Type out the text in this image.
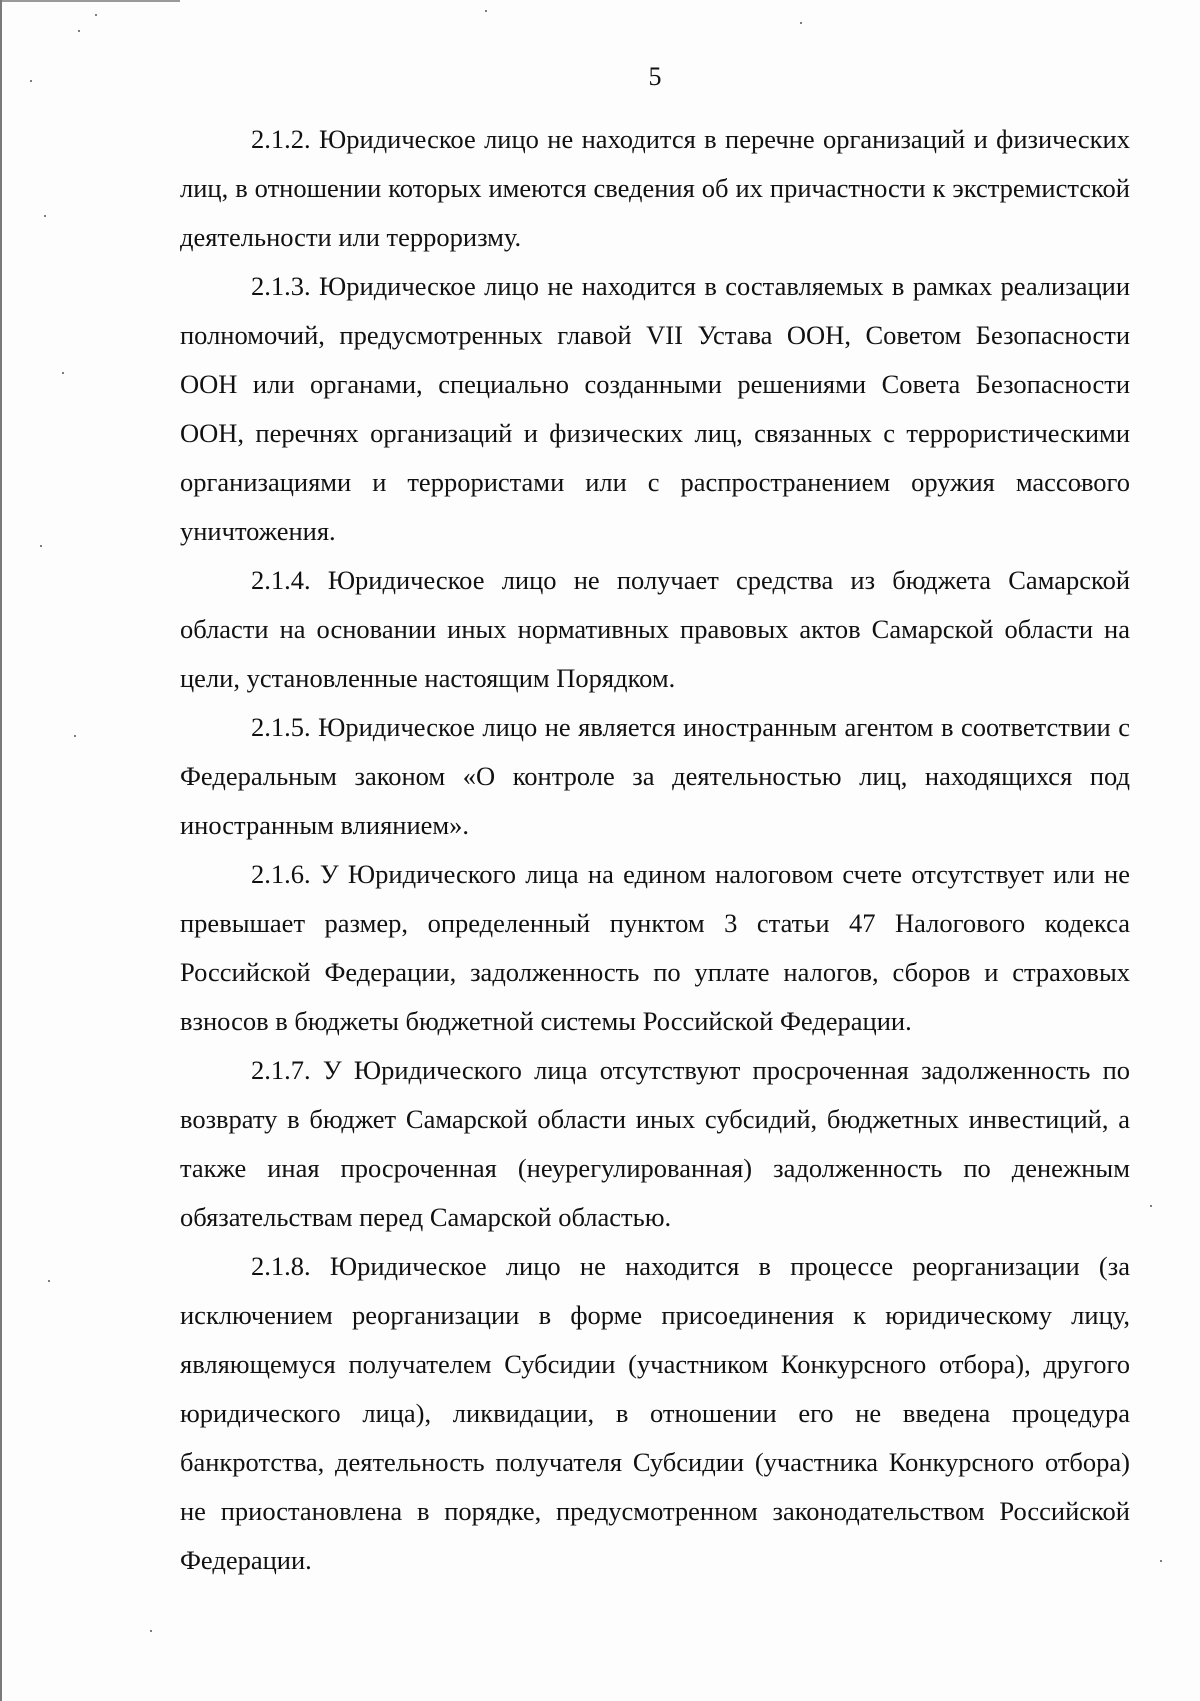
5

2.1.2. Юридическое лицо не находится в перечне организаций и физических лиц, в отношении которых имеются сведения об их причастности к экстремистской деятельности или терроризму.

2.1.3. Юридическое лицо не находится в составляемых в рамках реализации полномочий, предусмотренных главой VII Устава ООН, Советом Безопасности ООН или органами, специально созданными решениями Совета Безопасности ООН, перечнях организаций и физических лиц, связанных с террористическими организациями и террористами или с распространением оружия массового уничтожения.

2.1.4. Юридическое лицо не получает средства из бюджета Самарской области на основании иных нормативных правовых актов Самарской области на цели, установленные настоящим Порядком.

2.1.5. Юридическое лицо не является иностранным агентом в соответствии с Федеральным законом «О контроле за деятельностью лиц, находящихся под иностранным влиянием».

2.1.6. У Юридического лица на едином налоговом счете отсутствует или не превышает размер, определенный пунктом 3 статьи 47 Налогового кодекса Российской Федерации, задолженность по уплате налогов, сборов и страховых взносов в бюджеты бюджетной системы Российской Федерации.

2.1.7. У Юридического лица отсутствуют просроченная задолженность по возврату в бюджет Самарской области иных субсидий, бюджетных инвестиций, а также иная просроченная (неурегулированная) задолженность по денежным обязательствам перед Самарской областью.

2.1.8. Юридическое лицо не находится в процессе реорганизации (за исключением реорганизации в форме присоединения к юридическому лицу, являющемуся получателем Субсидии (участником Конкурсного отбора), другого юридического лица), ликвидации, в отношении его не введена процедура банкротства, деятельность получателя Субсидии (участника Конкурсного отбора) не приостановлена в порядке, предусмотренном законодательством Российской Федерации.
